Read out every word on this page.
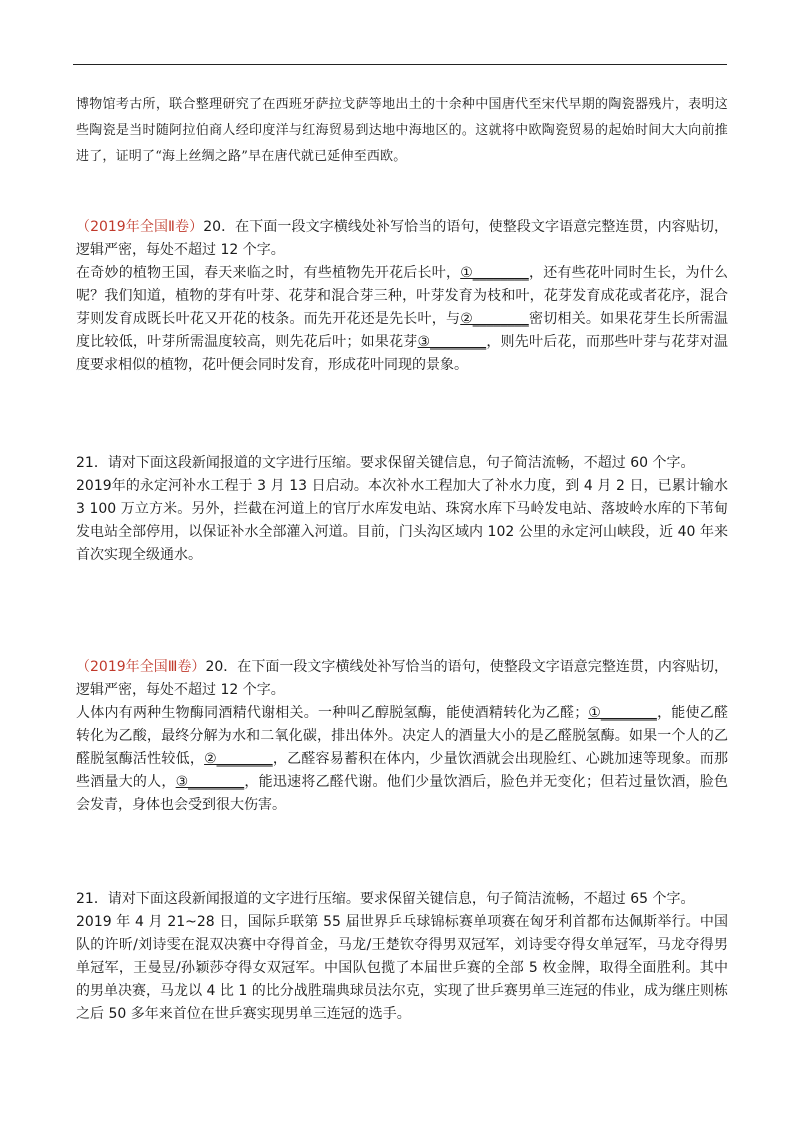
博物馆考古所，联合整理研究了在西班牙萨拉戈萨等地出土的十余种中国唐代至宋代早期的陶瓷器残片，表明这些陶瓷是当时随阿拉伯商人经印度洋与红海贸易到达地中海地区的。这就将中欧陶瓷贸易的起始时间大大向前推进了，证明了“海上丝绸之路”早在唐代就已延伸至西欧。

（2019年全国Ⅱ卷）20．在下面一段文字横线处补写恰当的语句，使整段文字语意完整连贯，内容贴切，逻辑严密，每处不超过 12 个字。

在奇妙的植物王国，春天来临之时，有些植物先开花后长叶，①________，还有些花叶同时生长，为什么呢？我们知道，植物的芽有叶芽、花芽和混合芽三种，叶芽发育为枝和叶，花芽发育成花或者花序，混合芽则发育成既长叶花又开花的枝条。而先开花还是先长叶，与②________密切相关。如果花芽生长所需温度比较低，叶芽所需温度较高，则先花后叶；如果花芽③________，则先叶后花，而那些叶芽与花芽对温度要求相似的植物，花叶便会同时发育，形成花叶同现的景象。

21．请对下面这段新闻报道的文字进行压缩。要求保留关键信息，句子简洁流畅，不超过 60 个字。

2019年的永定河补水工程于 3 月 13 日启动。本次补水工程加大了补水力度，到 4 月 2 日，已累计输水 3 100 万立方米。另外，拦截在河道上的官厅水库发电站、珠窝水库下马岭发电站、落坡岭水库的下苇甸发电站全部停用，以保证补水全部灌入河道。目前，门头沟区域内 102 公里的永定河山峡段，近 40 年来首次实现全级通水。

（2019年全国Ⅲ卷）20．在下面一段文字横线处补写恰当的语句，使整段文字语意完整连贯，内容贴切，逻辑严密，每处不超过 12 个字。

人体内有两种生物酶同酒精代谢相关。一种叫乙醇脱氢酶，能使酒精转化为乙醛；①________，能使乙醛转化为乙酸，最终分解为水和二氧化碳，排出体外。决定人的酒量大小的是乙醛脱氢酶。如果一个人的乙醛脱氢酶活性较低，②________，乙醛容易蓄积在体内，少量饮酒就会出现脸红、心跳加速等现象。而那些酒量大的人，③________，能迅速将乙醛代谢。他们少量饮酒后，脸色并无变化；但若过量饮酒，脸色会发青，身体也会受到很大伤害。

21．请对下面这段新闻报道的文字进行压缩。要求保留关键信息，句子简洁流畅，不超过 65 个字。

2019 年 4 月 21~28 日，国际乒联第 55 届世界乒乓球锦标赛单项赛在匈牙利首都布达佩斯举行。中国队的许昕/刘诗雯在混双决赛中夺得首金，马龙/王楚钦夺得男双冠军，刘诗雯夺得女单冠军，马龙夺得男单冠军，王曼昱/孙颖莎夺得女双冠军。中国队包揽了本届世乒赛的全部 5 枚金牌，取得全面胜利。其中的男单决赛，马龙以 4 比 1 的比分战胜瑞典球员法尔克，实现了世乒赛男单三连冠的伟业，成为继庄则栋之后 50 多年来首位在世乒赛实现男单三连冠的选手。
